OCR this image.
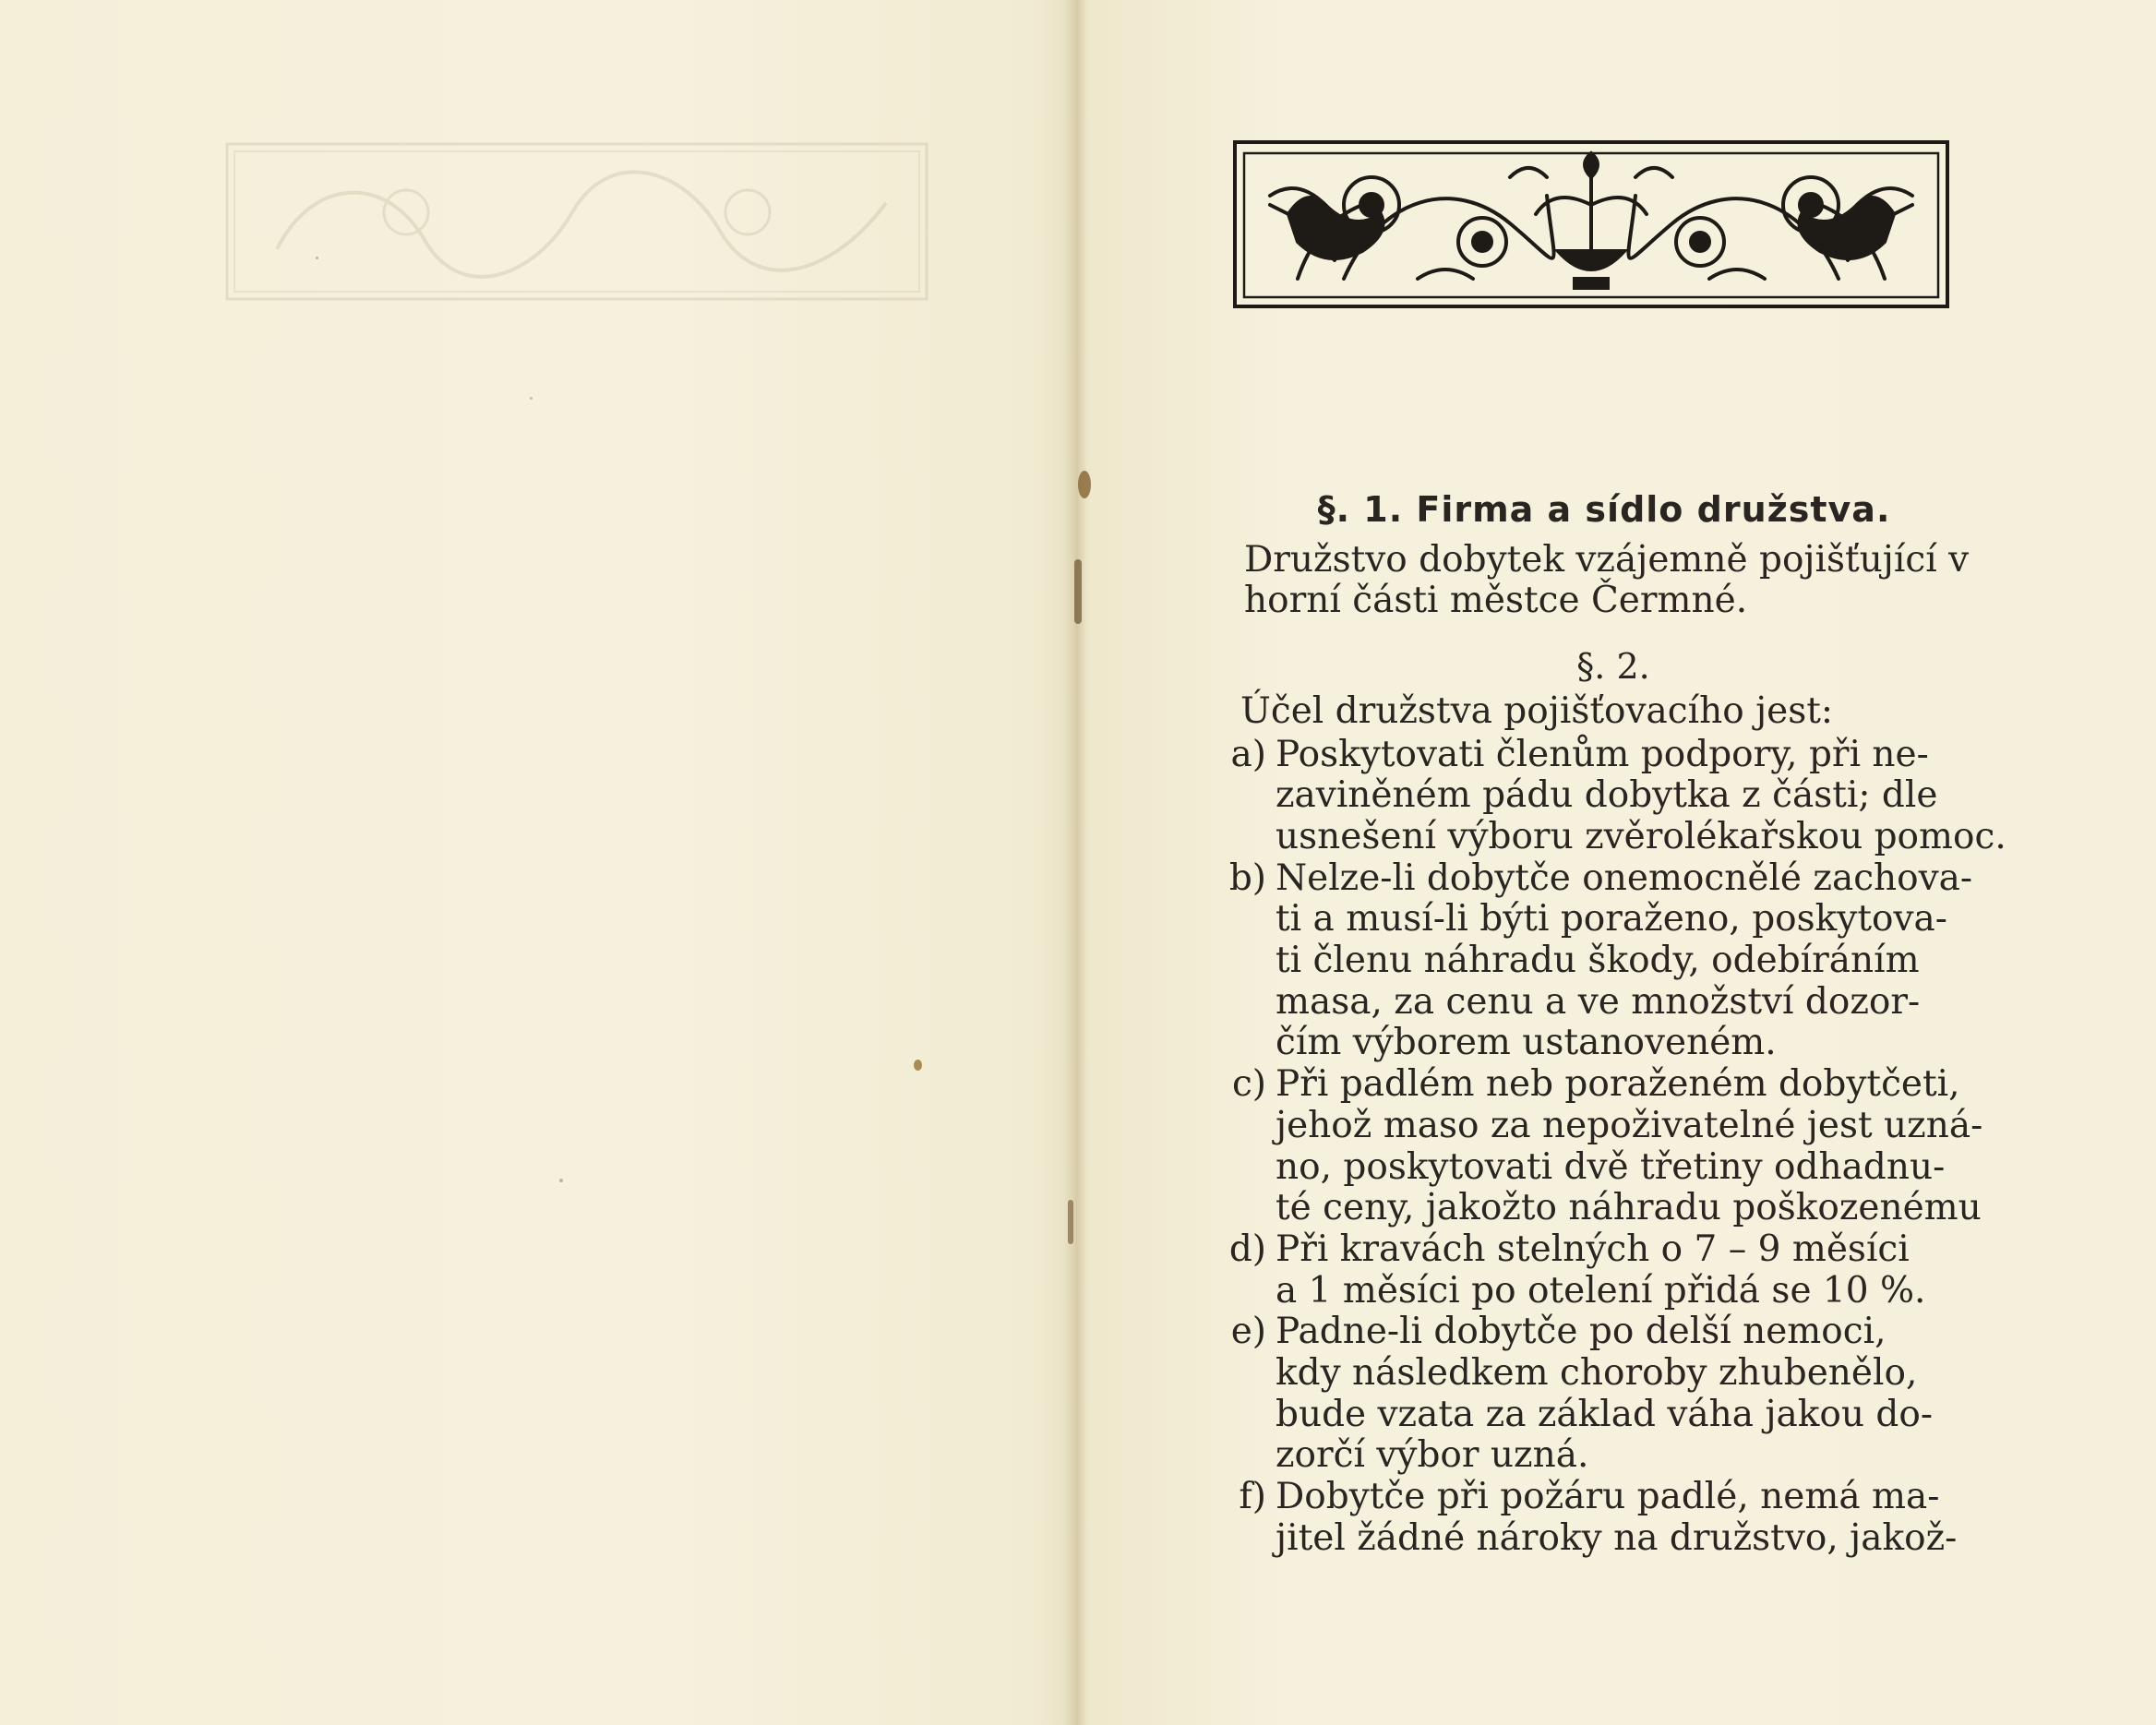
§. 1. Firma a sídlo družstva.

Družstvo dobytek vzájemně pojišťující v
horní části městce Čermné.

§. 2.

Účel družstva pojišťovacího jest:

a) Poskytovati členům podpory, při ne-
zaviněném pádu dobytka z části; dle
usnešení výboru zvěrolékařskou pomoc.
b) Nelze-li dobytče onemocnělé zachova-
ti a musí-li býti poraženo, poskytova-
ti členu náhradu škody, odebíráním
masa, za cenu a ve množství dozor-
čím výborem ustanoveném.
c) Při padlém neb poraženém dobytčeti,
jehož maso za nepoživatelné jest uzná-
no, poskytovati dvě třetiny odhadnu-
té ceny, jakožto náhradu poškozenému
d) Při kravách stelných o 7 – 9 měsíci
a 1 měsíci po otelení přidá se 10 %.
e) Padne-li dobytče po delší nemoci,
kdy následkem choroby zhubenělo,
bude vzata za základ váha jakou do-
zorčí výbor uzná.
f) Dobytče při požáru padlé, nemá ma-
jitel žádné nároky na družstvo, jakož-
